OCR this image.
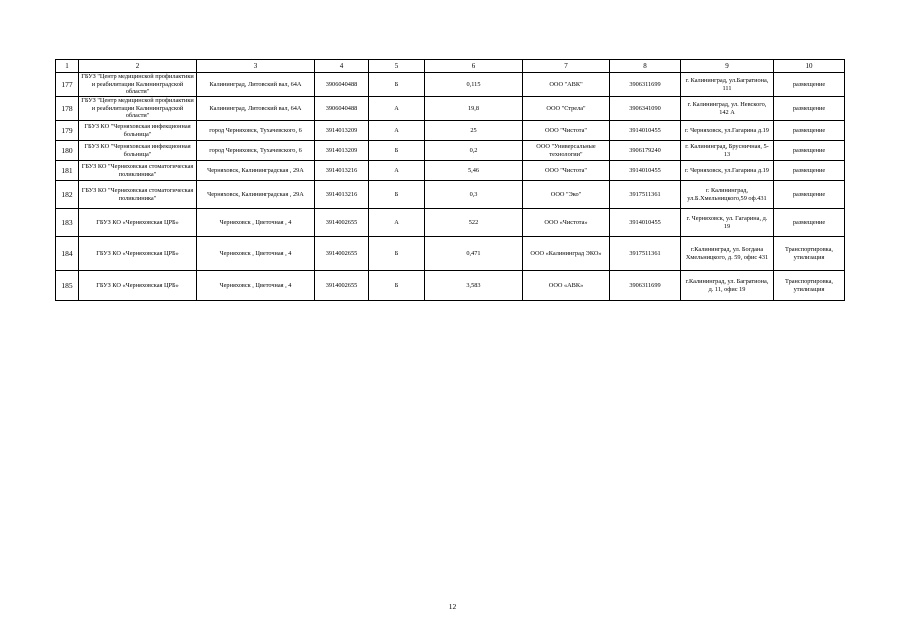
1	2	3	4	5	6	7	8	9	10
177	ГБУЗ "Центр медицинской профилактики и реабилитации Калининградской области"	Калининград, Литовский вал, 64А	3906040488	Б	0,115	ООО "АВК"	3906311699	г. Калининград, ул.Багратиона, 111	размещение
178	ГБУЗ "Центр медицинской профилактики и реабилитации Калининградской области"	Калининград, Литовский вал, 64А	3906040488	А	19,8	ООО "Стрела"	3906341090	г. Калининград, ул. Невского, 142 А	размещение
179	ГБУЗ КО "Черняховская инфекционная больница"	город Черняховск, Тухачевского, 6	3914013209	А	25	ООО "Чистота"	3914010455	г. Черняховск, ул.Гагарина д.19	размещение
180	ГБУЗ КО "Черняховская инфекционная больница"	город Черняховск, Тухачевского, 6	3914013209	Б	0,2	ООО "Универсальные технологии"	3906179240	г. Калининград, Брусничная, 5-13	размещение
181	ГБУЗ КО "Черняховская стоматогическая поликлиника"	Черняховск, Калининградская , 29А	3914013216	А	5,46	ООО "Чистота"	3914010455	г. Черняховск, ул.Гагарина д.19	размещение
182	ГБУЗ КО "Черняховская стоматогическая поликлиника"	Черняховск, Калининградская , 29А	3914013216	Б	0,3	ООО "Эко"	3917511361	г. Калининград, ул.Б.Хмельницкого,59 оф.431	размещение
183	ГБУЗ КО «Черняховская ЦРБ»	Черняховск , Цветочная , 4	3914002655	А	522	ООО «Чистота»	3914010455	г. Черняховск, ул. Гагарина, д. 19	размещение
184	ГБУЗ КО «Черняховская ЦРБ»	Черняховск , Цветочная , 4	3914002655	Б	0,471	ООО «Калининград ЭКО»	3917511361	г.Калининград, ул. Богдана Хмельницкого, д. 59, офис 431	Транспортировка, утилизация
185	ГБУЗ КО «Черняховская ЦРБ»	Черняховск , Цветочная , 4	3914002655	Б	3,583	ООО «АВК»	3906311699	г.Калининград, ул. Багратиона, д. 11, офис 19	Транспортировка, утилизация
12
